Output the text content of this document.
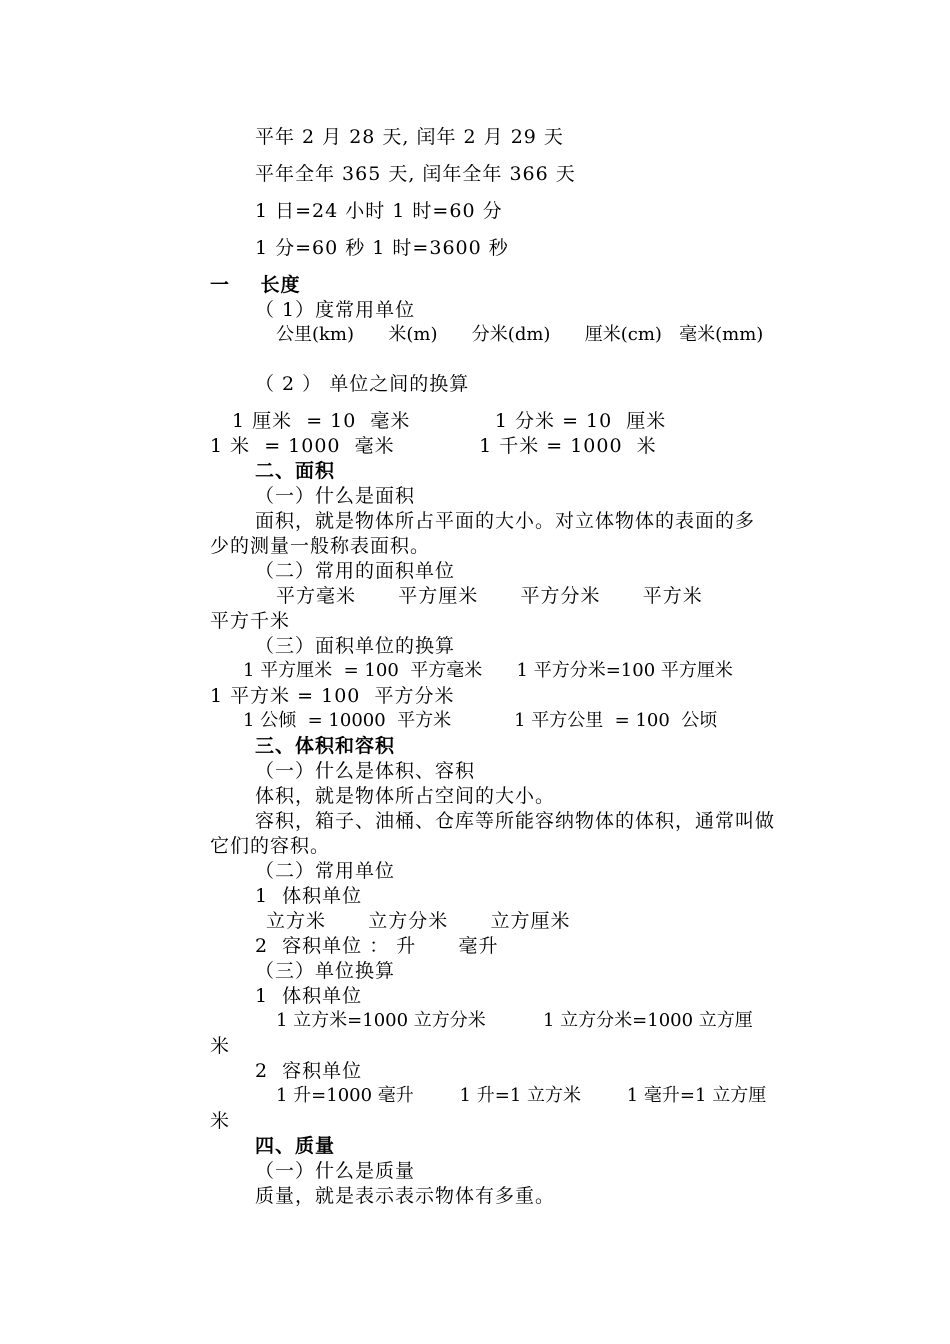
平年 2 月 28 天, 闰年 2 月 29 天
平年全年 365 天, 闰年全年 366 天
1 日=24 小时 1 时=60 分
1 分=60 秒 1 时=3600 秒
一    长度
（ 1）度常用单位
公里(km)      米(m)      分米(dm)      厘米(cm)   毫米(mm)
（ 2 ） 单位之间的换算
1 厘米  = 10  毫米            1 分米 = 10  厘米
1 米  = 1000  毫米            1 千米 = 1000  米
二、面积
（一）什么是面积
面积，就是物体所占平面的大小。对立体物体的表面的多
少的测量一般称表面积。
（二）常用的面积单位
平方毫米      平方厘米      平方分米      平方米
平方千米
（三）面积单位的换算
1 平方厘米  = 100  平方毫米      1 平方分米=100 平方厘米
1 平方米 = 100  平方分米
1 公倾  = 10000  平方米           1 平方公里  = 100  公顷
三、体积和容积
（一）什么是体积、容积
体积，就是物体所占空间的大小。
容积，箱子、油桶、仓库等所能容纳物体的体积，通常叫做
它们的容积。
（二）常用单位
1  体积单位
立方米      立方分米      立方厘米
2  容积单位 ： 升      毫升
（三）单位换算
1  体积单位
1 立方米=1000 立方分米          1 立方分米=1000 立方厘
米
2  容积单位
1 升=1000 毫升        1 升=1 立方米        1 毫升=1 立方厘
米
四、质量
（一）什么是质量
质量，就是表示表示物体有多重。
